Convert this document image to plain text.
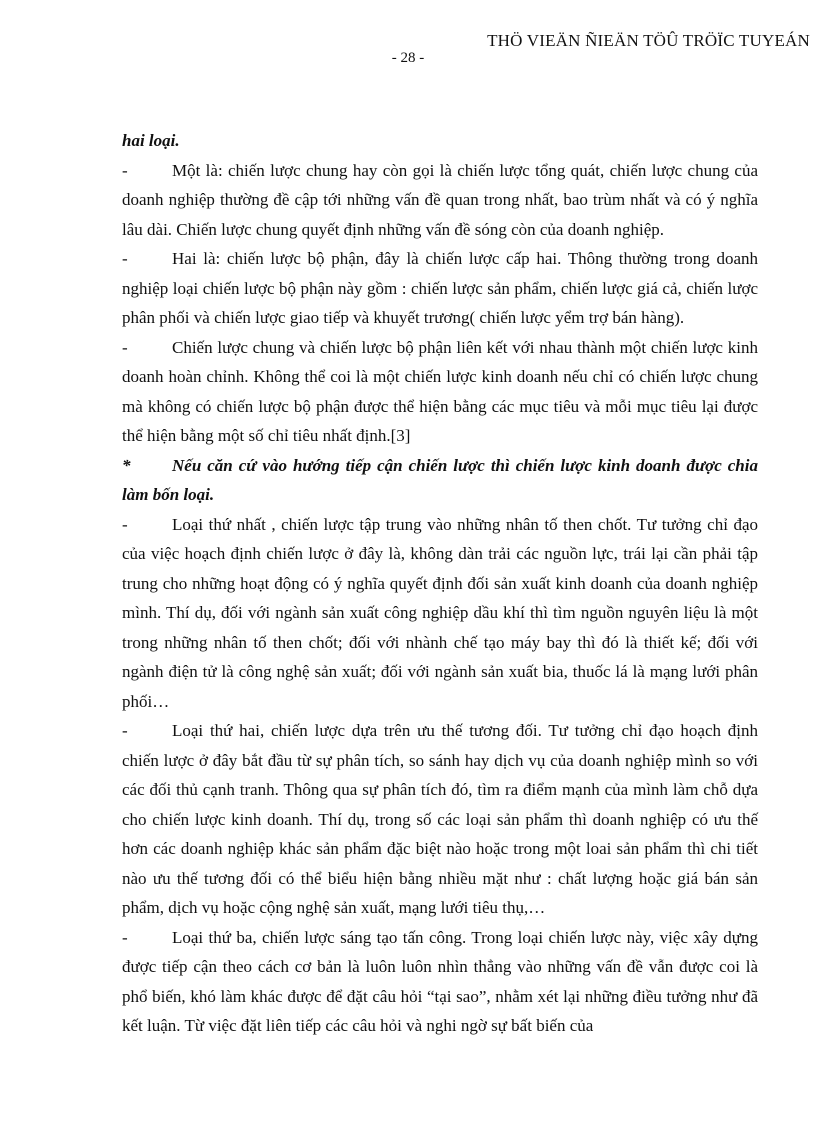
THÖ VIEÄN ÑIEÄN TÖÛ TRÖÏC TUYEÁN
- 28 -

hai loại.

-	Một là: chiến lược chung hay còn gọi là chiến lược tổng quát, chiến lược chung của doanh nghiệp thường đề cập tới những vấn đề quan trong nhất, bao trùm nhất và có ý nghĩa lâu dài. Chiến lược chung quyết định những vấn đề sóng còn của doanh nghiệp.

-	Hai là: chiến lược bộ phận, đây là chiến lược cấp hai. Thông thường trong doanh nghiệp loại chiến lược bộ phận này gồm : chiến lược sản phẩm, chiến lược giá cả, chiến lược phân phối và chiến lược giao tiếp và khuyết trương( chiến lược yểm trợ bán hàng).

-	Chiến lược chung và chiến lược bộ phận liên kết với nhau thành một chiến lược kinh doanh hoàn chỉnh. Không thể coi là một chiến lược kinh doanh nếu chỉ có chiến lược chung mà không có chiến lược bộ phận được thể hiện bằng các mục tiêu và mỗi mục tiêu lại được thể hiện bằng một số chỉ tiêu nhất định.[3]

* Nếu căn cứ vào hướng tiếp cận chiến lược thì chiến lược kinh doanh được chia làm bốn loại.

-	Loại thứ nhất , chiến lược tập trung vào những nhân tố then chốt. Tư tưởng chỉ đạo của việc hoạch định chiến lược ở đây là, không dàn trải các nguồn lực, trái lại cần phải tập trung cho những hoạt động có ý nghĩa quyết định đối sản xuất kinh doanh của doanh nghiệp mình. Thí dụ, đối với ngành sản xuất công nghiệp dầu khí thì tìm nguồn nguyên liệu là một trong những nhân tố then chốt; đối với nhành chế tạo máy bay thì đó là thiết kế; đối với ngành điện tử là công nghệ sản xuất; đối với ngành sản xuất bia, thuốc lá là mạng lưới phân phối…

-	Loại thứ hai, chiến lược dựa trên ưu thế tương đối. Tư tưởng chỉ đạo hoạch định chiến lược ở đây bắt đầu từ sự phân tích, so sánh hay dịch vụ của doanh nghiệp mình so với các đối thủ cạnh tranh. Thông qua sự phân tích đó, tìm ra điểm mạnh của mình làm chỗ dựa cho chiến lược kinh doanh. Thí dụ, trong số các loại sản phẩm thì doanh nghiệp có ưu thế hơn các doanh nghiệp khác sản phẩm đặc biệt nào hoặc trong một loai sản phẩm thì chi tiết nào ưu thế tương đối có thể biểu hiện bằng nhiều mặt như : chất lượng hoặc giá bán sản phẩm, dịch vụ hoặc cộng nghệ sản xuất, mạng lưới tiêu thụ,…

-	Loại thứ ba, chiến lược sáng tạo tấn công. Trong loại chiến lược này, việc xây dựng được tiếp cận theo cách cơ bản là luôn luôn nhìn thẳng vào những vấn đề vẫn được coi là phổ biến, khó làm khác được để đặt câu hỏi “tại sao”, nhằm xét lại những điều tưởng như đã kết luận. Từ việc đặt liên tiếp các câu hỏi và nghi ngờ sự bất biến của
